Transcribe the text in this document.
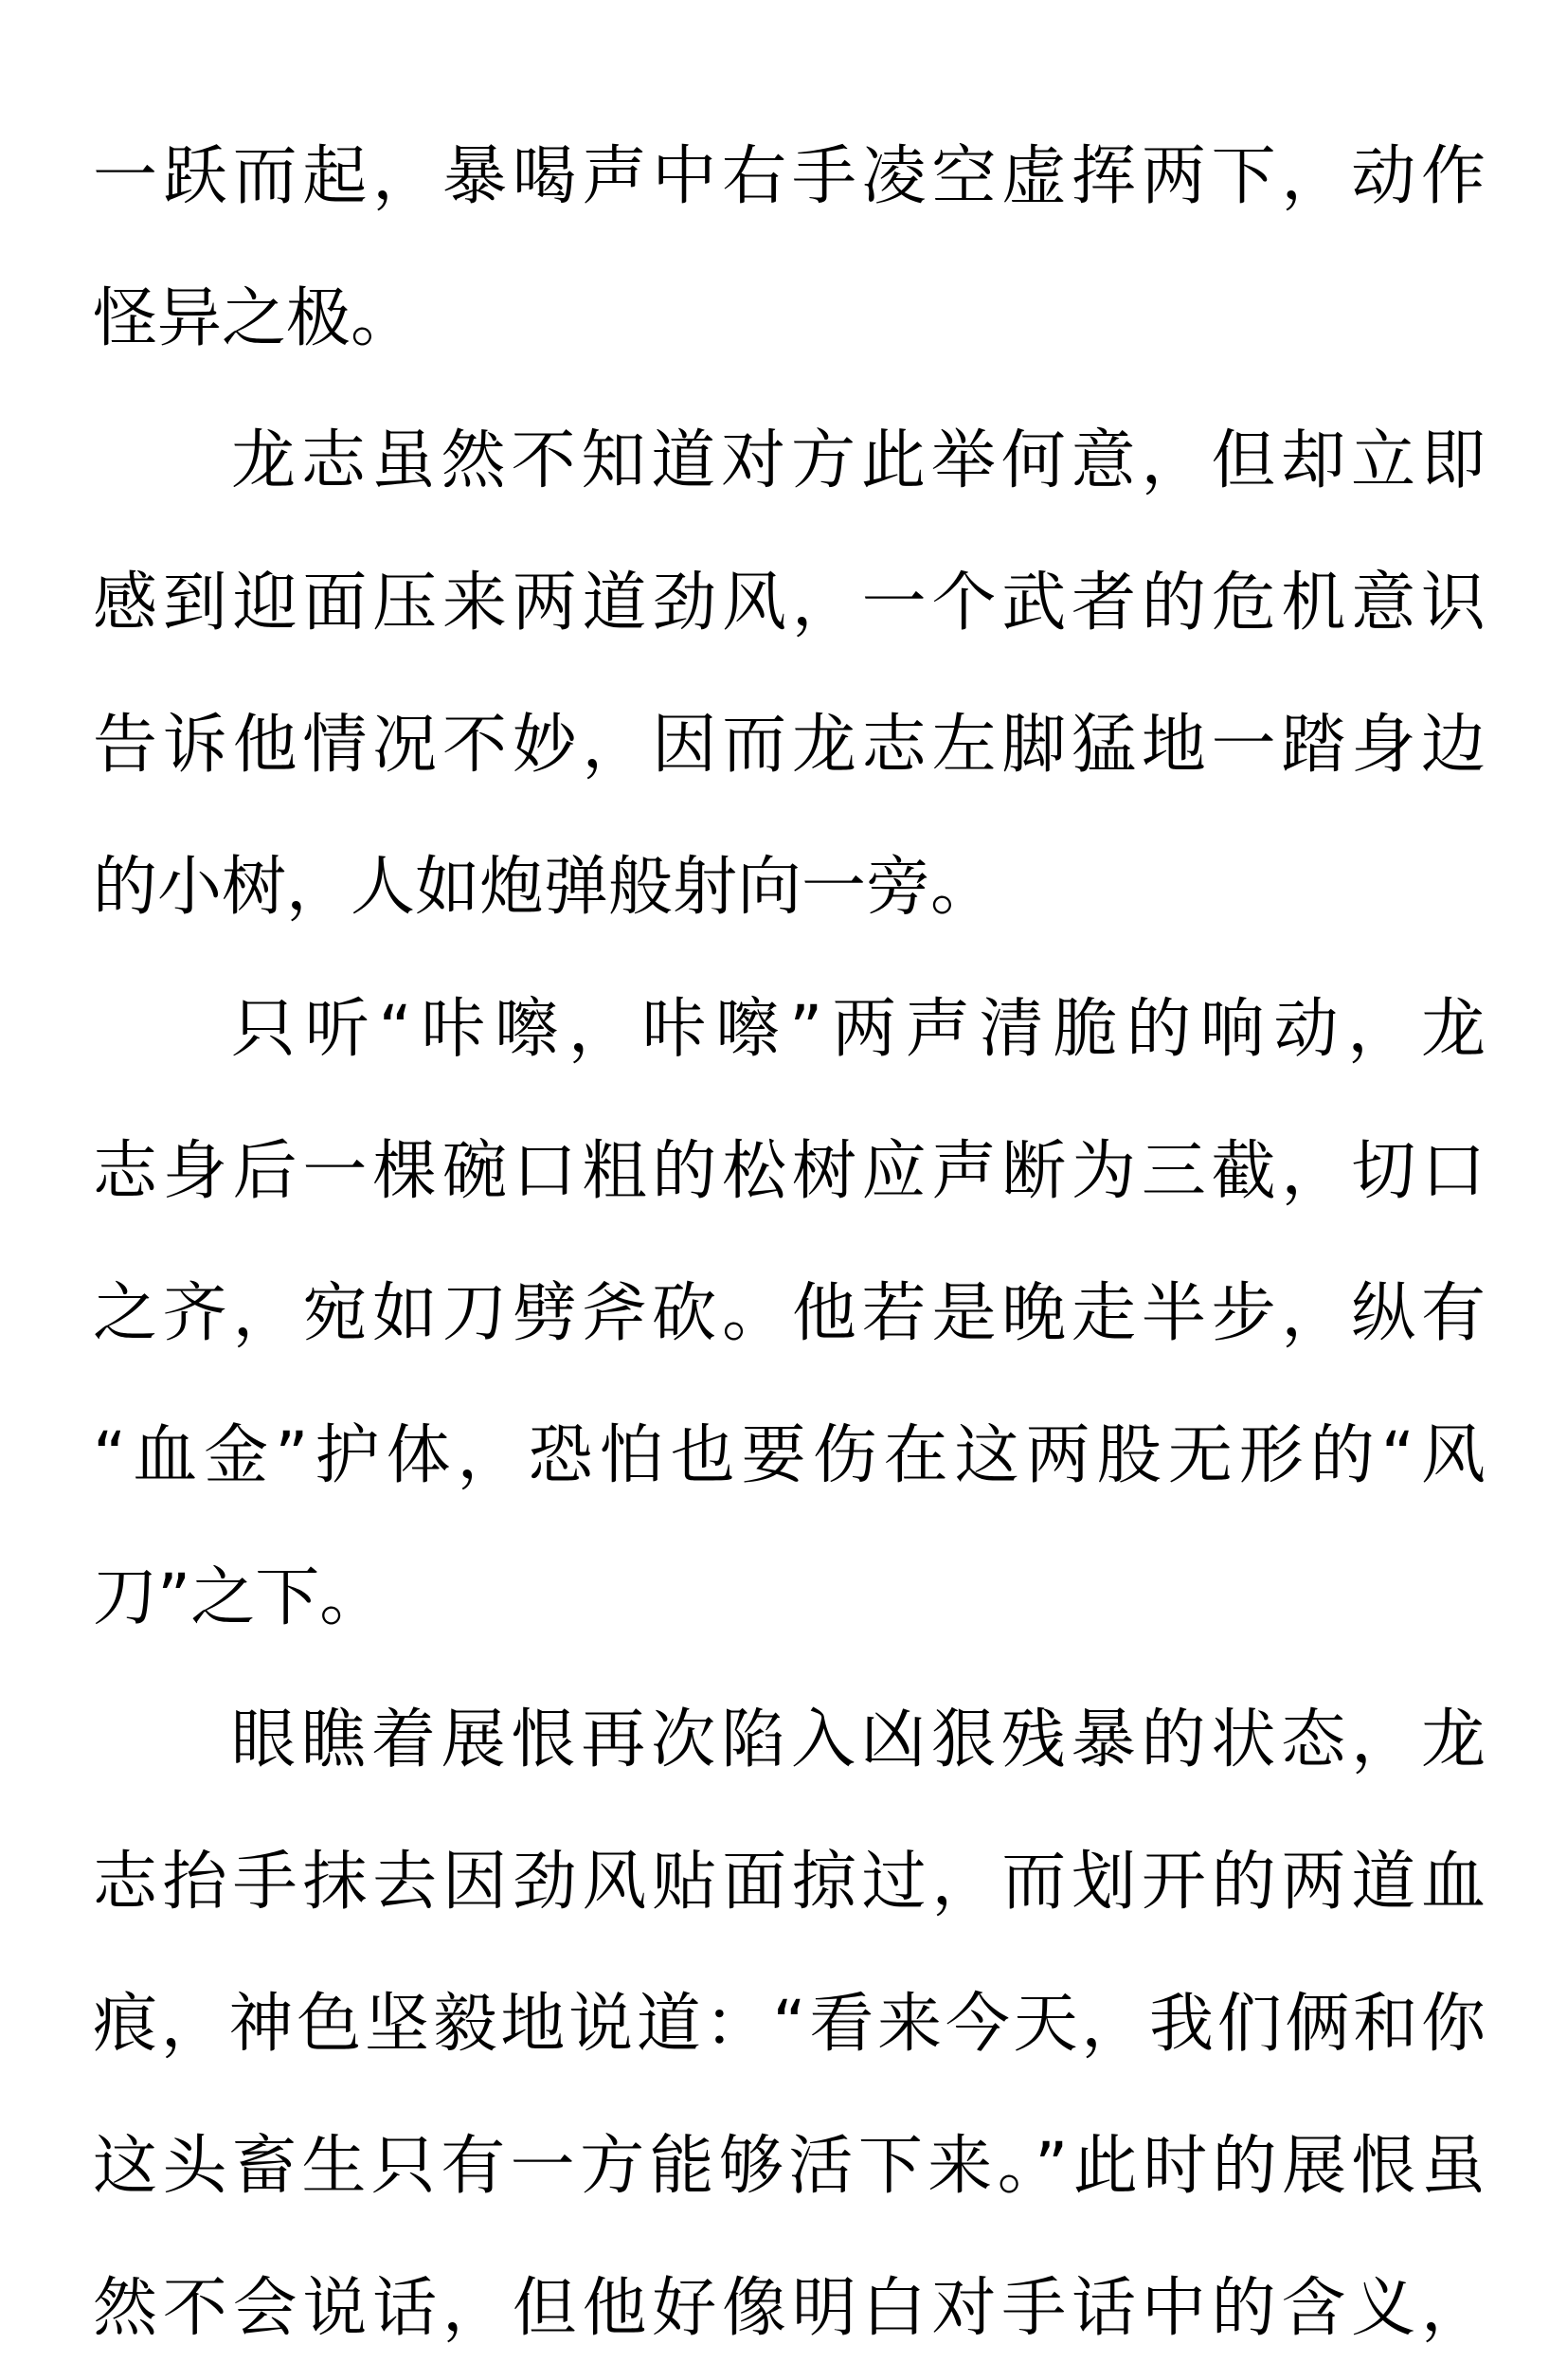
一跃而起，暴喝声中右手凌空虚挥两下，动作
怪异之极。
龙志虽然不知道对方此举何意，但却立即
感到迎面压来两道劲风，一个武者的危机意识
告诉他情况不妙，因而龙志左脚猛地一踏身边
的小树，人如炮弹般射向一旁。
只听“咔嚓，咔嚓”两声清脆的响动，龙
志身后一棵碗口粗的松树应声断为三截，切口
之齐，宛如刀劈斧砍。他若是晚走半步，纵有
“血金”护体，恐怕也要伤在这两股无形的“风
刀”之下。
眼瞧着展恨再次陷入凶狠残暴的状态，龙
志抬手抹去因劲风贴面掠过，而划开的两道血
痕，神色坚毅地说道：“看来今天，我们俩和你
这头畜生只有一方能够活下来。”此时的展恨虽
然不会说话，但他好像明白对手话中的含义，
